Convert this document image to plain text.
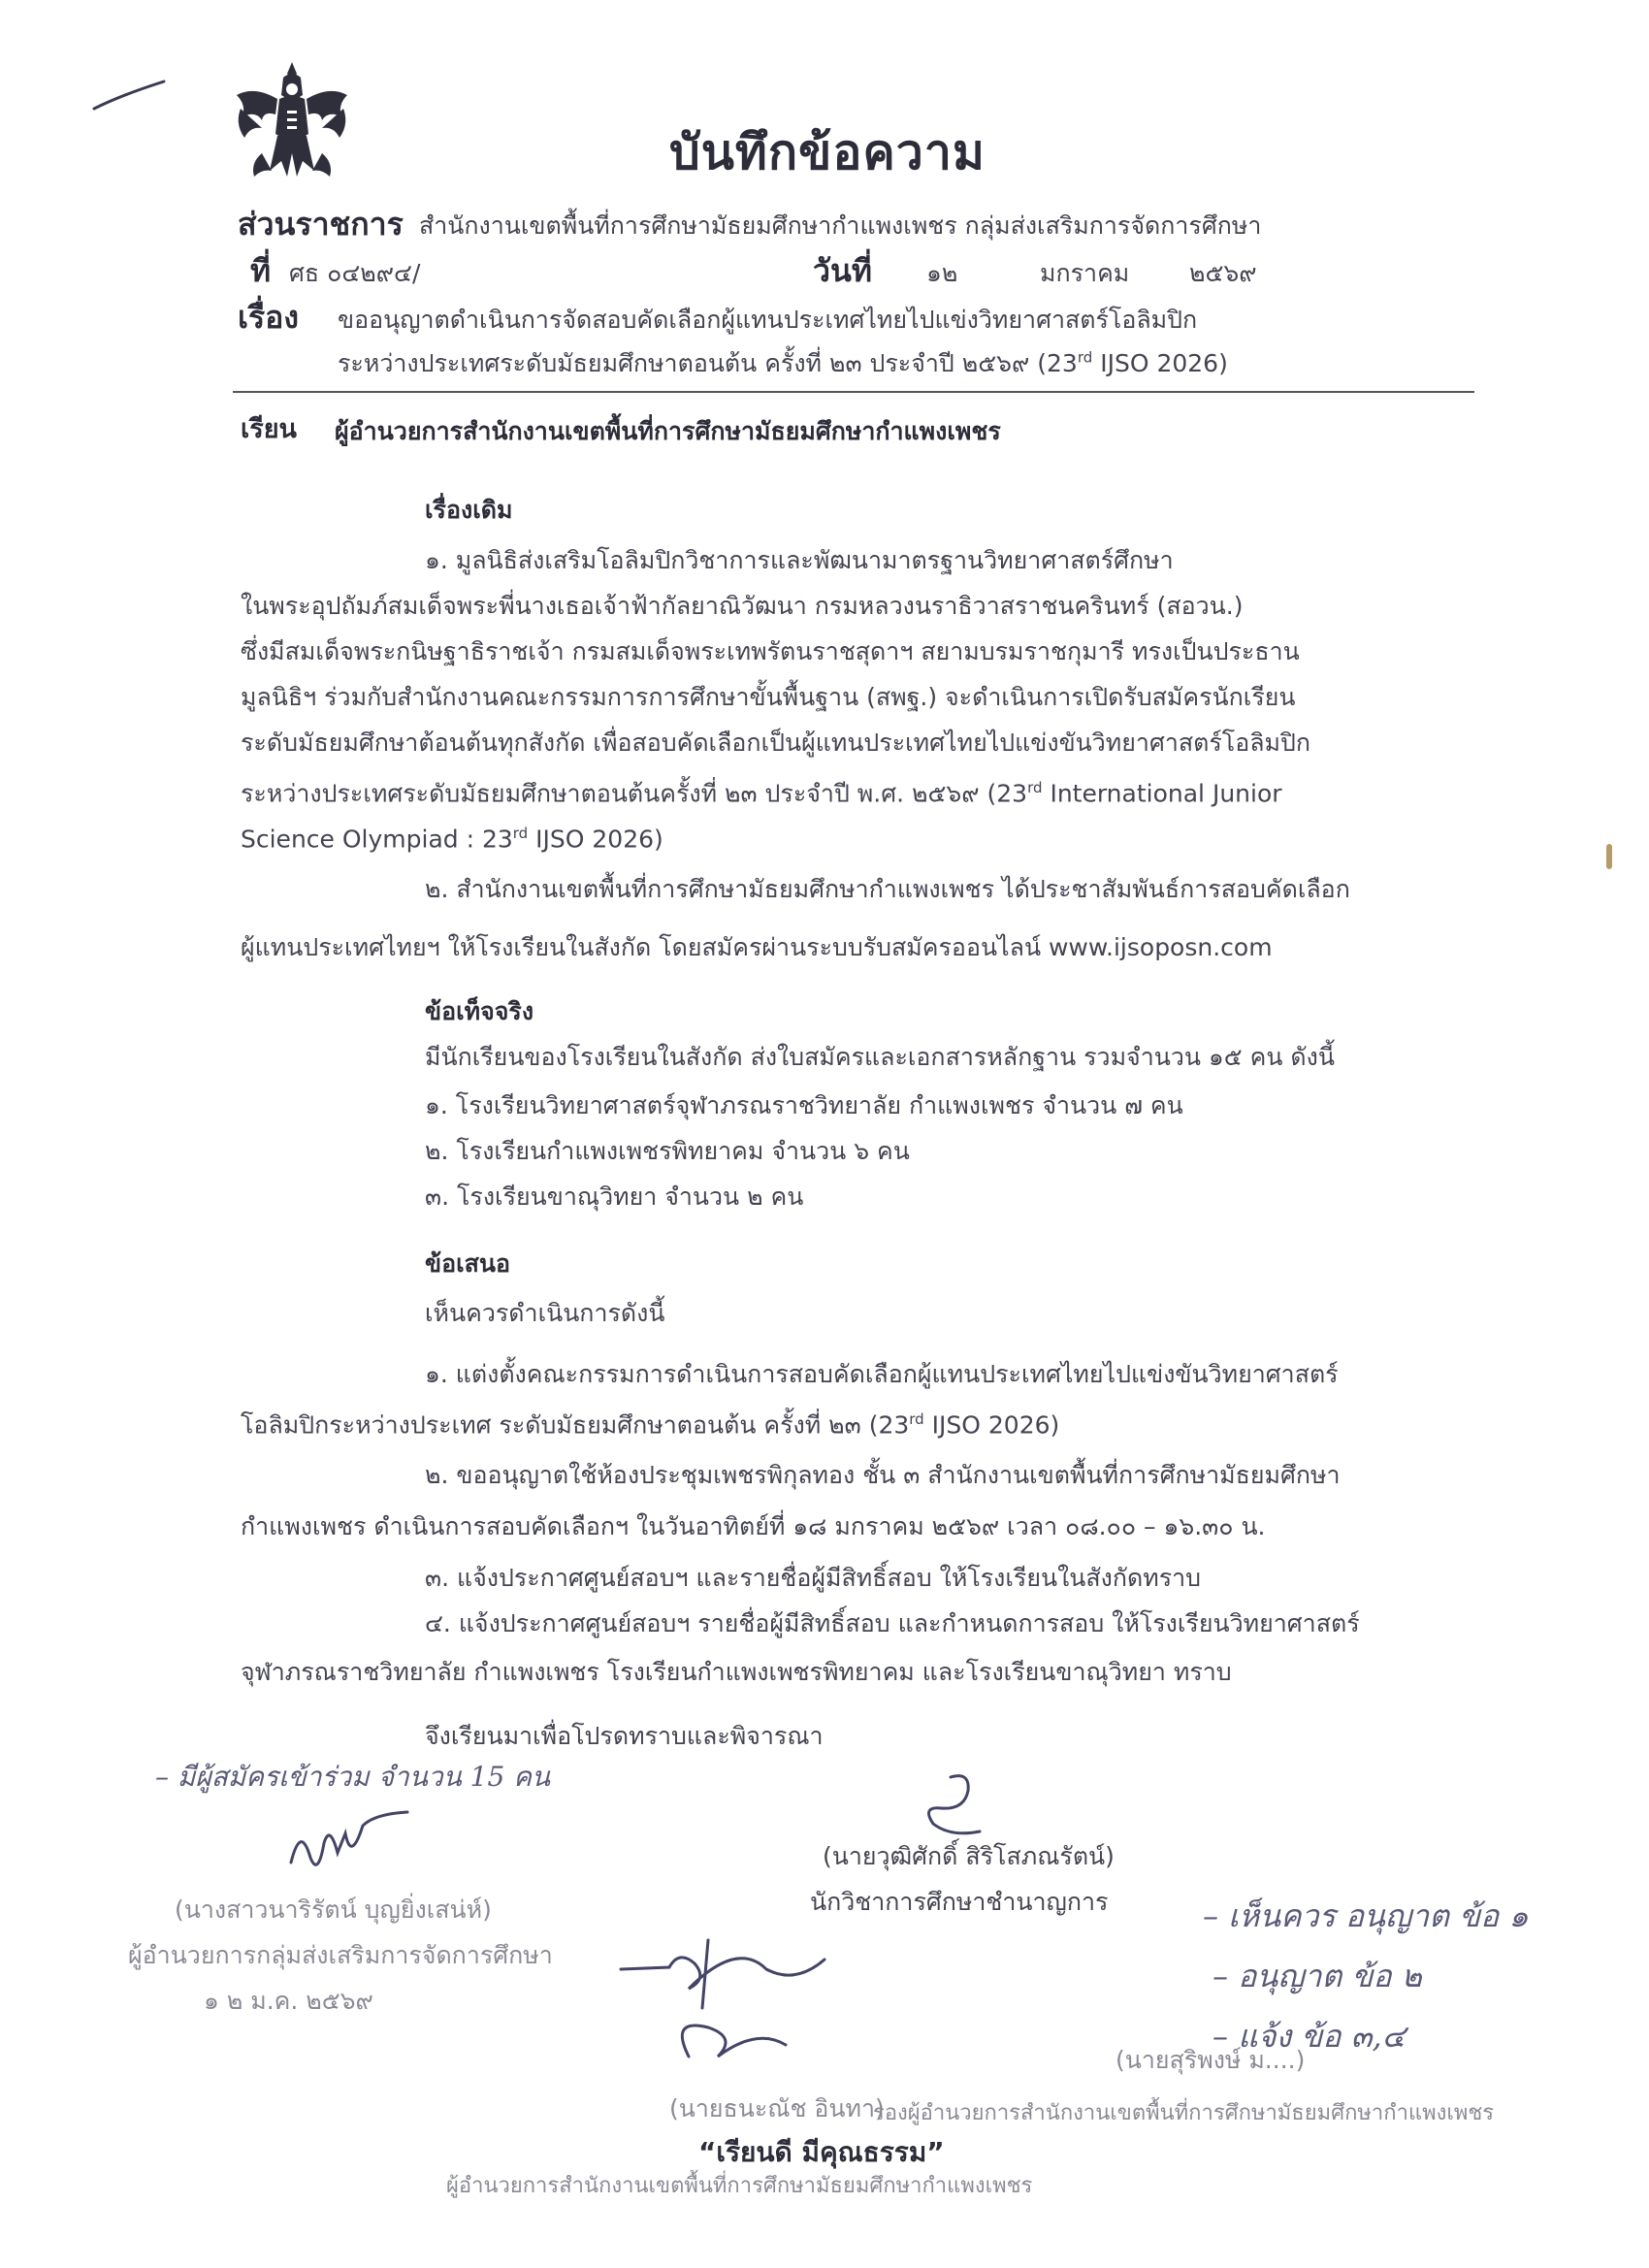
บันทึกข้อความ
ส่วนราชการ สำนักงานเขตพื้นที่การศึกษามัธยมศึกษากำแพงเพชร กลุ่มส่งเสริมการจัดการศึกษา
ที่ ศธ ๐๔๒๙๔/	วันที่ ๑๒	มกราคม ๒๕๖๙
เรื่อง ขออนุญาตดำเนินการจัดสอบคัดเลือกผู้แทนประเทศไทยไปแข่งวิทยาศาสตร์โอลิมปิก
ระหว่างประเทศระดับมัธยมศึกษาตอนต้น ครั้งที่ ๒๓ ประจำปี ๒๕๖๙ (23rd IJSO 2026)
เรียน ผู้อำนวยการสำนักงานเขตพื้นที่การศึกษามัธยมศึกษากำแพงเพชร
เรื่องเดิม
๑. มูลนิธิส่งเสริมโอลิมปิกวิชาการและพัฒนามาตรฐานวิทยาศาสตร์ศึกษา
ในพระอุปถัมภ์สมเด็จพระพี่นางเธอเจ้าฟ้ากัลยาณิวัฒนา กรมหลวงนราธิวาสราชนครินทร์ (สอวน.)
ซึ่งมีสมเด็จพระกนิษฐาธิราชเจ้า กรมสมเด็จพระเทพรัตนราชสุดาฯ สยามบรมราชกุมารี ทรงเป็นประธาน
มูลนิธิฯ ร่วมกับสำนักงานคณะกรรมการการศึกษาขั้นพื้นฐาน (สพฐ.) จะดำเนินการเปิดรับสมัครนักเรียน
ระดับมัธยมศึกษาต้อนต้นทุกสังกัด เพื่อสอบคัดเลือกเป็นผู้แทนประเทศไทยไปแข่งขันวิทยาศาสตร์โอลิมปิก
ระหว่างประเทศระดับมัธยมศึกษาตอนต้นครั้งที่ ๒๓ ประจำปี พ.ศ. ๒๕๖๙ (23rd International Junior
Science Olympiad : 23rd IJSO 2026)
๒. สำนักงานเขตพื้นที่การศึกษามัธยมศึกษากำแพงเพชร ได้ประชาสัมพันธ์การสอบคัดเลือก
ผู้แทนประเทศไทยฯ ให้โรงเรียนในสังกัด โดยสมัครผ่านระบบรับสมัครออนไลน์ www.ijsoposn.com
ข้อเท็จจริง
มีนักเรียนของโรงเรียนในสังกัด ส่งใบสมัครและเอกสารหลักฐาน รวมจำนวน ๑๕ คน ดังนี้
๑. โรงเรียนวิทยาศาสตร์จุฬาภรณราชวิทยาลัย กำแพงเพชร จำนวน ๗ คน
๒. โรงเรียนกำแพงเพชรพิทยาคม จำนวน ๖ คน
๓. โรงเรียนขาณุวิทยา จำนวน ๒ คน
ข้อเสนอ
เห็นควรดำเนินการดังนี้
๑. แต่งตั้งคณะกรรมการดำเนินการสอบคัดเลือกผู้แทนประเทศไทยไปแข่งขันวิทยาศาสตร์
โอลิมปิกระหว่างประเทศ ระดับมัธยมศึกษาตอนต้น ครั้งที่ ๒๓ (23rd IJSO 2026)
๒. ขออนุญาตใช้ห้องประชุมเพชรพิกุลทอง ชั้น ๓ สำนักงานเขตพื้นที่การศึกษามัธยมศึกษา
กำแพงเพชร ดำเนินการสอบคัดเลือกฯ ในวันอาทิตย์ที่ ๑๘ มกราคม ๒๕๖๙ เวลา ๐๘.๐๐ – ๑๖.๓๐ น.
๓. แจ้งประกาศศูนย์สอบฯ และรายชื่อผู้มีสิทธิ์สอบ ให้โรงเรียนในสังกัดทราบ
๔. แจ้งประกาศศูนย์สอบฯ รายชื่อผู้มีสิทธิ์สอบ และกำหนดการสอบ ให้โรงเรียนวิทยาศาสตร์
จุฬาภรณราชวิทยาลัย กำแพงเพชร โรงเรียนกำแพงเพชรพิทยาคม และโรงเรียนขาณุวิทยา ทราบ
จึงเรียนมาเพื่อโปรดทราบและพิจารณา
– มีผู้สมัครเข้าร่วม จำนวน 15 คน
(นายวุฒิศักดิ์ สิริโสภณรัตน์)
นักวิชาการศึกษาชำนาญการ
(นางสาวนาริรัตน์ บุญยิ่งเสน่ห์)
ผู้อำนวยการกลุ่มส่งเสริมการจัดการศึกษา
๑ ๒ ม.ค. ๒๕๖๙
– เห็นควร อนุญาต ข้อ ๑
– อนุญาต ข้อ ๒
– แจ้ง ข้อ ๓,๔
(นายธนะณัช อินทา)
(นายสุริพงษ์ ม....)
รองผู้อำนวยการสำนักงานเขตพื้นที่การศึกษามัธยมศึกษากำแพงเพชร
“เรียนดี มีคุณธรรม”
ผู้อำนวยการสำนักงานเขตพื้นที่การศึกษามัธยมศึกษากำแพงเพชร
